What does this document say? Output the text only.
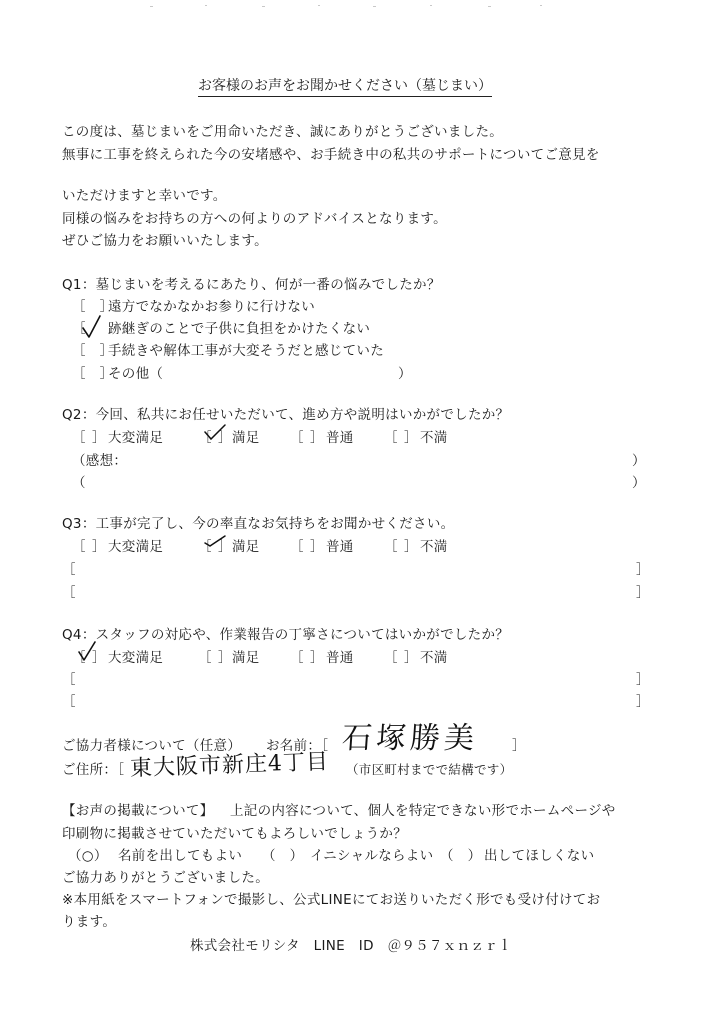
お客様のお声をお聞かせください（墓じまい）
この度は、墓じまいをご用命いただき、誠にありがとうございました。
無事に工事を終えられた今の安堵感や、お手続き中の私共のサポートについてご意見を
いただけますと幸いです。
同様の悩みをお持ちの方への何よりのアドバイスとなります。
ぜひご協力をお願いいたします。
Q1：墓じまいを考えるにあたり、何が一番の悩みでしたか？
［　］
遠方でなかなかお参りに行けない
［ 跡継ぎのことで子供に負担をかけたくない
［　］
手続きや解体工事が大変そうだと感じていた
［　］
その他（	）
Q2：今回、私共にお任せいただいて、進め方や説明はいかがでしたか？
［ ］ 大変満足	［ ］ 満足 ［ ］ 普通 ［ ］ 不満
（感想：	）
（	）
Q3：工事が完了し、今の率直なお気持ちをお聞かせください。
［ ］ 大変満足	［ ］ 満足 ［ ］ 普通 ［ ］ 不満
［	］
［	］
Q4：スタッフの対応や、作業報告の丁寧さについてはいかがでしたか？
［ ］ 大変満足	［ ］ 満足 ［ ］ 普通 ［ ］ 不満
［	］
［	］
ご協力者様について（任意） お名前：［ 石塚勝美 ］
ご住所：［ 東大阪市新庄4丁目 （市区町村までで結構です）
【お声の掲載について】 上記の内容について、個人を特定できない形でホームページや
印刷物に掲載させていただいてもよろしいでしょうか？
（○） 名前を出してもよい （　） イニシャルならよい （　） 出してほしくない
ご協力ありがとうございました。
※本用紙をスマートフォンで撮影し、公式LINEにてお送りいただく形でも受け付けてお
ります。
株式会社モリシタ　LINE　ID　＠９５７ｘｎｚｒｌ
